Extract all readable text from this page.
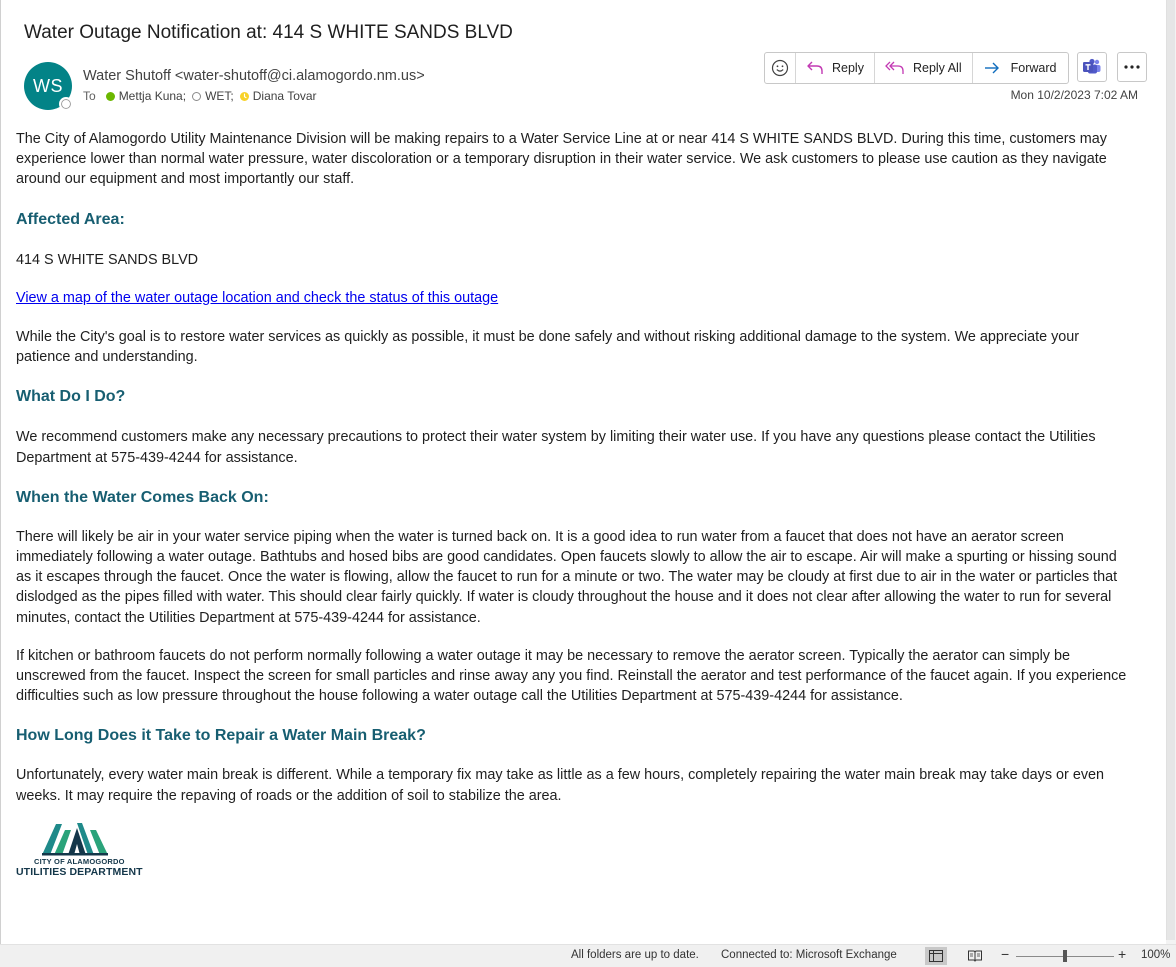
Water Outage Notification at: 414 S WHITE SANDS BLVD
WS	Water Shutoff <water-shutoff@ci.alamogordo.nm.us>
To Mettja Kuna; WET; Diana Tovar
Reply	Reply All	Forward
Mon 10/2/2023 7:02 AM

The City of Alamogordo Utility Maintenance Division will be making repairs to a Water Service Line at or near 414 S WHITE SANDS BLVD. During this time, customers may experience lower than normal water pressure, water discoloration or a temporary disruption in their water service. We ask customers to please use caution as they navigate around our equipment and most importantly our staff.

Affected Area:

414 S WHITE SANDS BLVD

View a map of the water outage location and check the status of this outage

While the City's goal is to restore water services as quickly as possible, it must be done safely and without risking additional damage to the system. We appreciate your patience and understanding.

What Do I Do?

We recommend customers make any necessary precautions to protect their water system by limiting their water use. If you have any questions please contact the Utilities Department at 575-439-4244 for assistance.

When the Water Comes Back On:

There will likely be air in your water service piping when the water is turned back on. It is a good idea to run water from a faucet that does not have an aerator screen immediately following a water outage. Bathtubs and hosed bibs are good candidates. Open faucets slowly to allow the air to escape. Air will make a spurting or hissing sound as it escapes through the faucet. Once the water is flowing, allow the faucet to run for a minute or two. The water may be cloudy at first due to air in the water or particles that dislodged as the pipes filled with water. This should clear fairly quickly. If water is cloudy throughout the house and it does not clear after allowing the water to run for several minutes, contact the Utilities Department at 575-439-4244 for assistance.

If kitchen or bathroom faucets do not perform normally following a water outage it may be necessary to remove the aerator screen. Typically the aerator can simply be unscrewed from the faucet. Inspect the screen for small particles and rinse away any you find. Reinstall the aerator and test performance of the faucet again. If you experience difficulties such as low pressure throughout the house following a water outage call the Utilities Department at 575-439-4244 for assistance.

How Long Does it Take to Repair a Water Main Break?

Unfortunately, every water main break is different. While a temporary fix may take as little as a few hours, completely repairing the water main break may take days or even weeks. It may require the repaving of roads or the addition of soil to stabilize the area.

CITY OF ALAMOGORDO
UTILITIES DEPARTMENT
All folders are up to date. Connected to: Microsoft Exchange	−	+ 100%
